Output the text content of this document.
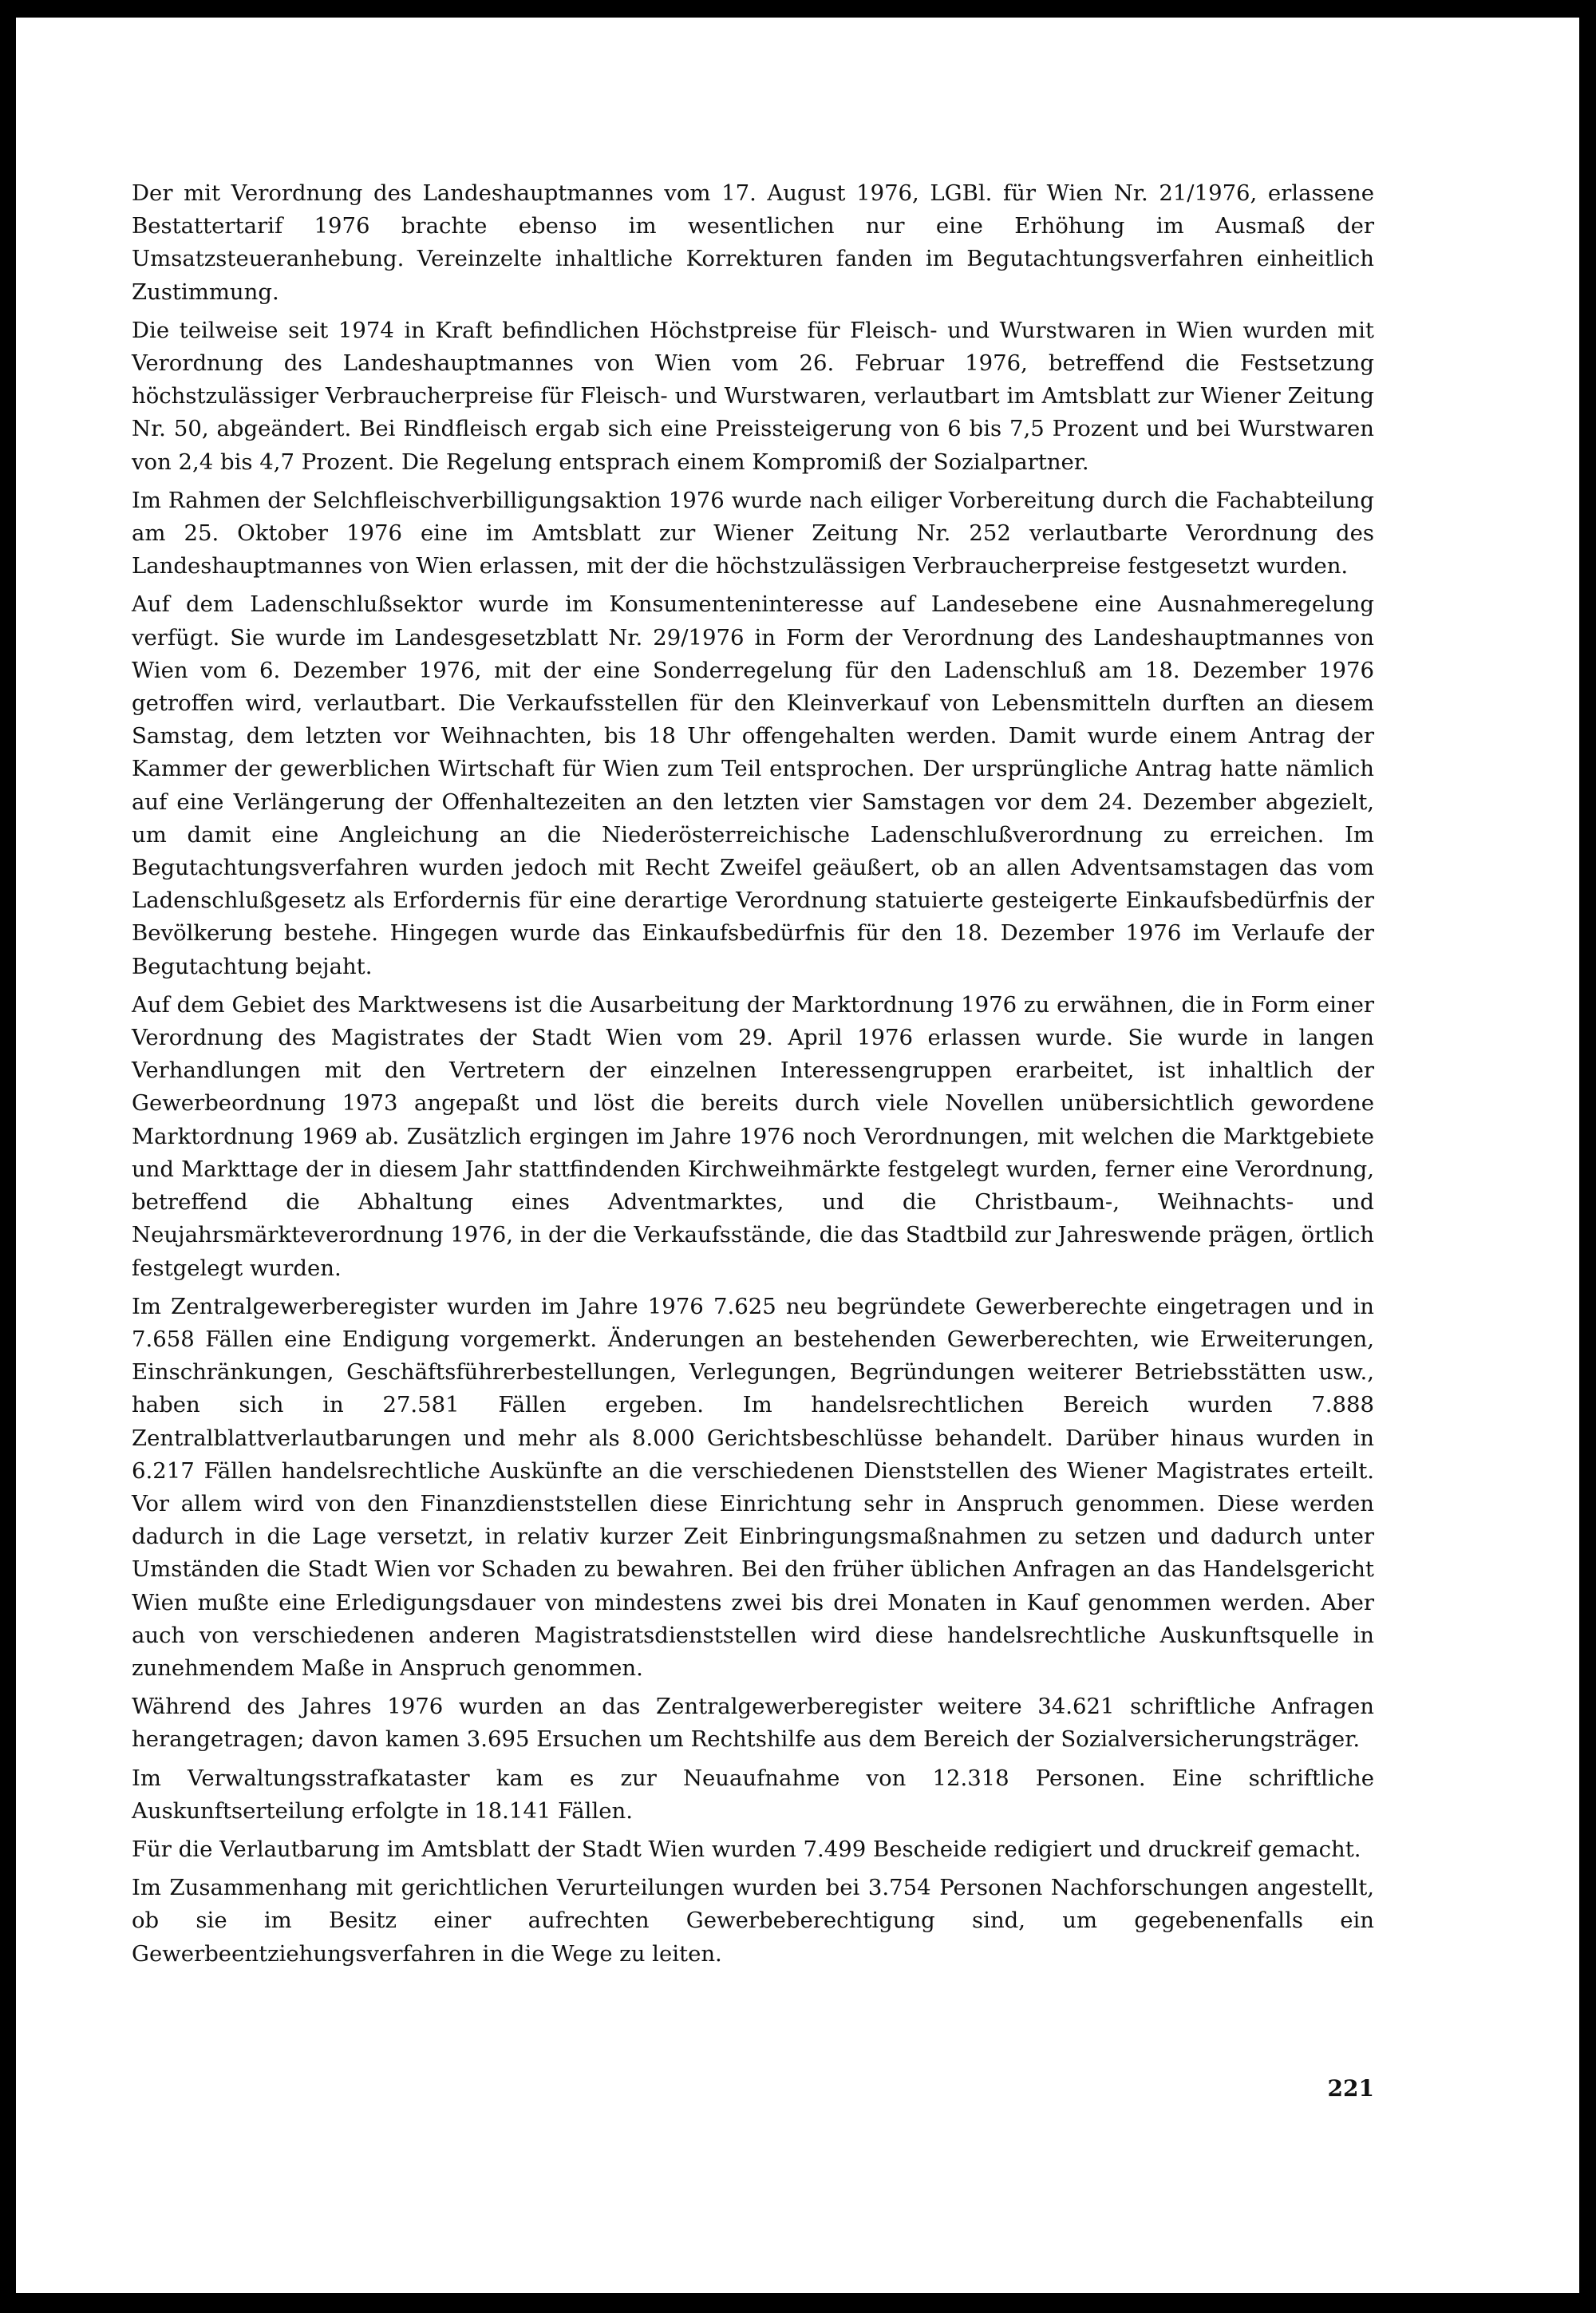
Der mit Verordnung des Landeshauptmannes vom 17. August 1976, LGBl. für Wien Nr. 21/1976, erlassene Bestattertarif 1976 brachte ebenso im wesentlichen nur eine Erhöhung im Ausmaß der Umsatzsteueranhebung. Vereinzelte inhaltliche Korrekturen fanden im Begutachtungsverfahren einheitlich Zustimmung.

Die teilweise seit 1974 in Kraft befindlichen Höchstpreise für Fleisch- und Wurstwaren in Wien wurden mit Verordnung des Landeshauptmannes von Wien vom 26. Februar 1976, betreffend die Festsetzung höchstzulässiger Verbraucherpreise für Fleisch- und Wurstwaren, verlautbart im Amtsblatt zur Wiener Zeitung Nr. 50, abgeändert. Bei Rindfleisch ergab sich eine Preissteigerung von 6 bis 7,5 Prozent und bei Wurstwaren von 2,4 bis 4,7 Prozent. Die Regelung entsprach einem Kompromiß der Sozialpartner.

Im Rahmen der Selchfleischverbilligungsaktion 1976 wurde nach eiliger Vorbereitung durch die Fachabteilung am 25. Oktober 1976 eine im Amtsblatt zur Wiener Zeitung Nr. 252 verlautbarte Verordnung des Landeshauptmannes von Wien erlassen, mit der die höchstzulässigen Verbraucherpreise festgesetzt wurden.

Auf dem Ladenschlußsektor wurde im Konsumenteninteresse auf Landesebene eine Ausnahmeregelung verfügt. Sie wurde im Landesgesetzblatt Nr. 29/1976 in Form der Verordnung des Landeshauptmannes von Wien vom 6. Dezember 1976, mit der eine Sonderregelung für den Ladenschluß am 18. Dezember 1976 getroffen wird, verlautbart. Die Verkaufsstellen für den Kleinverkauf von Lebensmitteln durften an diesem Samstag, dem letzten vor Weihnachten, bis 18 Uhr offengehalten werden. Damit wurde einem Antrag der Kammer der gewerblichen Wirtschaft für Wien zum Teil entsprochen. Der ursprüngliche Antrag hatte nämlich auf eine Verlängerung der Offenhaltezeiten an den letzten vier Samstagen vor dem 24. Dezember abgezielt, um damit eine Angleichung an die Niederösterreichische Ladenschlußverordnung zu erreichen. Im Begutachtungsverfahren wurden jedoch mit Recht Zweifel geäußert, ob an allen Adventsamstagen das vom Ladenschlußgesetz als Erfordernis für eine derartige Verordnung statuierte gesteigerte Einkaufsbedürfnis der Bevölkerung bestehe. Hingegen wurde das Einkaufsbedürfnis für den 18. Dezember 1976 im Verlaufe der Begutachtung bejaht.

Auf dem Gebiet des Marktwesens ist die Ausarbeitung der Marktordnung 1976 zu erwähnen, die in Form einer Verordnung des Magistrates der Stadt Wien vom 29. April 1976 erlassen wurde. Sie wurde in langen Verhandlungen mit den Vertretern der einzelnen Interessengruppen erarbeitet, ist inhaltlich der Gewerbeordnung 1973 angepaßt und löst die bereits durch viele Novellen unübersichtlich gewordene Marktordnung 1969 ab. Zusätzlich ergingen im Jahre 1976 noch Verordnungen, mit welchen die Marktgebiete und Markttage der in diesem Jahr stattfindenden Kirchweihmärkte festgelegt wurden, ferner eine Verordnung, betreffend die Abhaltung eines Adventmarktes, und die Christbaum-, Weihnachts- und Neujahrsmärkteverordnung 1976, in der die Verkaufsstände, die das Stadtbild zur Jahreswende prägen, örtlich festgelegt wurden.

Im Zentralgewerberegister wurden im Jahre 1976 7.625 neu begründete Gewerberechte eingetragen und in 7.658 Fällen eine Endigung vorgemerkt. Änderungen an bestehenden Gewerberechten, wie Erweiterungen, Einschränkungen, Geschäftsführerbestellungen, Verlegungen, Begründungen weiterer Betriebsstätten usw., haben sich in 27.581 Fällen ergeben. Im handelsrechtlichen Bereich wurden 7.888 Zentralblattverlautbarungen und mehr als 8.000 Gerichtsbeschlüsse behandelt. Darüber hinaus wurden in 6.217 Fällen handelsrechtliche Auskünfte an die verschiedenen Dienststellen des Wiener Magistrates erteilt. Vor allem wird von den Finanzdienststellen diese Einrichtung sehr in Anspruch genommen. Diese werden dadurch in die Lage versetzt, in relativ kurzer Zeit Einbringungsmaßnahmen zu setzen und dadurch unter Umständen die Stadt Wien vor Schaden zu bewahren. Bei den früher üblichen Anfragen an das Handelsgericht Wien mußte eine Erledigungsdauer von mindestens zwei bis drei Monaten in Kauf genommen werden. Aber auch von verschiedenen anderen Magistratsdienststellen wird diese handelsrechtliche Auskunftsquelle in zunehmendem Maße in Anspruch genommen.

Während des Jahres 1976 wurden an das Zentralgewerberegister weitere 34.621 schriftliche Anfragen herangetragen; davon kamen 3.695 Ersuchen um Rechtshilfe aus dem Bereich der Sozialversicherungsträger.

Im Verwaltungsstrafkataster kam es zur Neuaufnahme von 12.318 Personen. Eine schriftliche Auskunftserteilung erfolgte in 18.141 Fällen.

Für die Verlautbarung im Amtsblatt der Stadt Wien wurden 7.499 Bescheide redigiert und druckreif gemacht.

Im Zusammenhang mit gerichtlichen Verurteilungen wurden bei 3.754 Personen Nachforschungen angestellt, ob sie im Besitz einer aufrechten Gewerbeberechtigung sind, um gegebenenfalls ein Gewerbeentziehungsverfahren in die Wege zu leiten.

221
